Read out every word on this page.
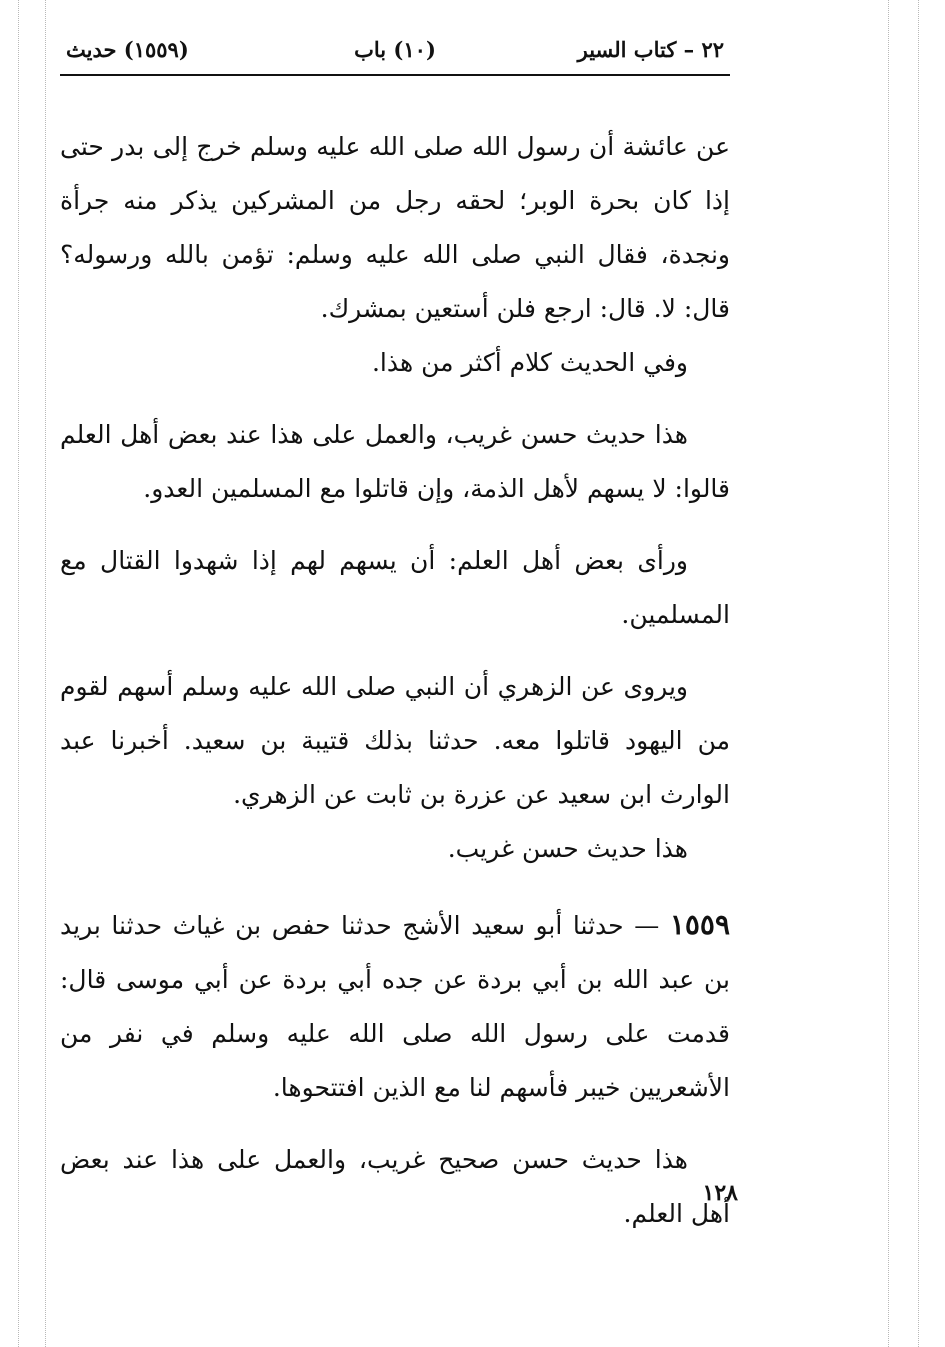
٢٢ – كتاب السير
(١٠) باب
(١٥٥٩) حديث

عن عائشة أن رسول الله صلى الله عليه وسلم خرج إلى بدر حتى إذا كان بحرة الوبر؛ لحقه رجل من المشركين يذكر منه جرأة ونجدة، فقال النبي صلى الله عليه وسلم: تؤمن بالله ورسوله؟ قال: لا. قال: ارجع فلن أستعين بمشرك.

وفي الحديث كلام أكثر من هذا.

هذا حديث حسن غريب، والعمل على هذا عند بعض أهل العلم قالوا: لا يسهم لأهل الذمة، وإن قاتلوا مع المسلمين العدو.

ورأى بعض أهل العلم: أن يسهم لهم إذا شهدوا القتال مع المسلمين.

ويروى عن الزهري أن النبي صلى الله عليه وسلم أسهم لقوم من اليهود قاتلوا معه. حدثنا بذلك قتيبة بن سعيد. أخبرنا عبد الوارث ابن سعيد عن عزرة بن ثابت عن الزهري.

هذا حديث حسن غريب.

١٥٥٩ — حدثنا أبو سعيد الأشج حدثنا حفص بن غياث حدثنا بريد بن عبد الله بن أبي بردة عن جده أبي بردة عن أبي موسى قال: قدمت على رسول الله صلى الله عليه وسلم في نفر من الأشعريين خيبر فأسهم لنا مع الذين افتتحوها.

هذا حديث حسن صحيح غريب، والعمل على هذا عند بعض أهل العلم.

١٢٨
